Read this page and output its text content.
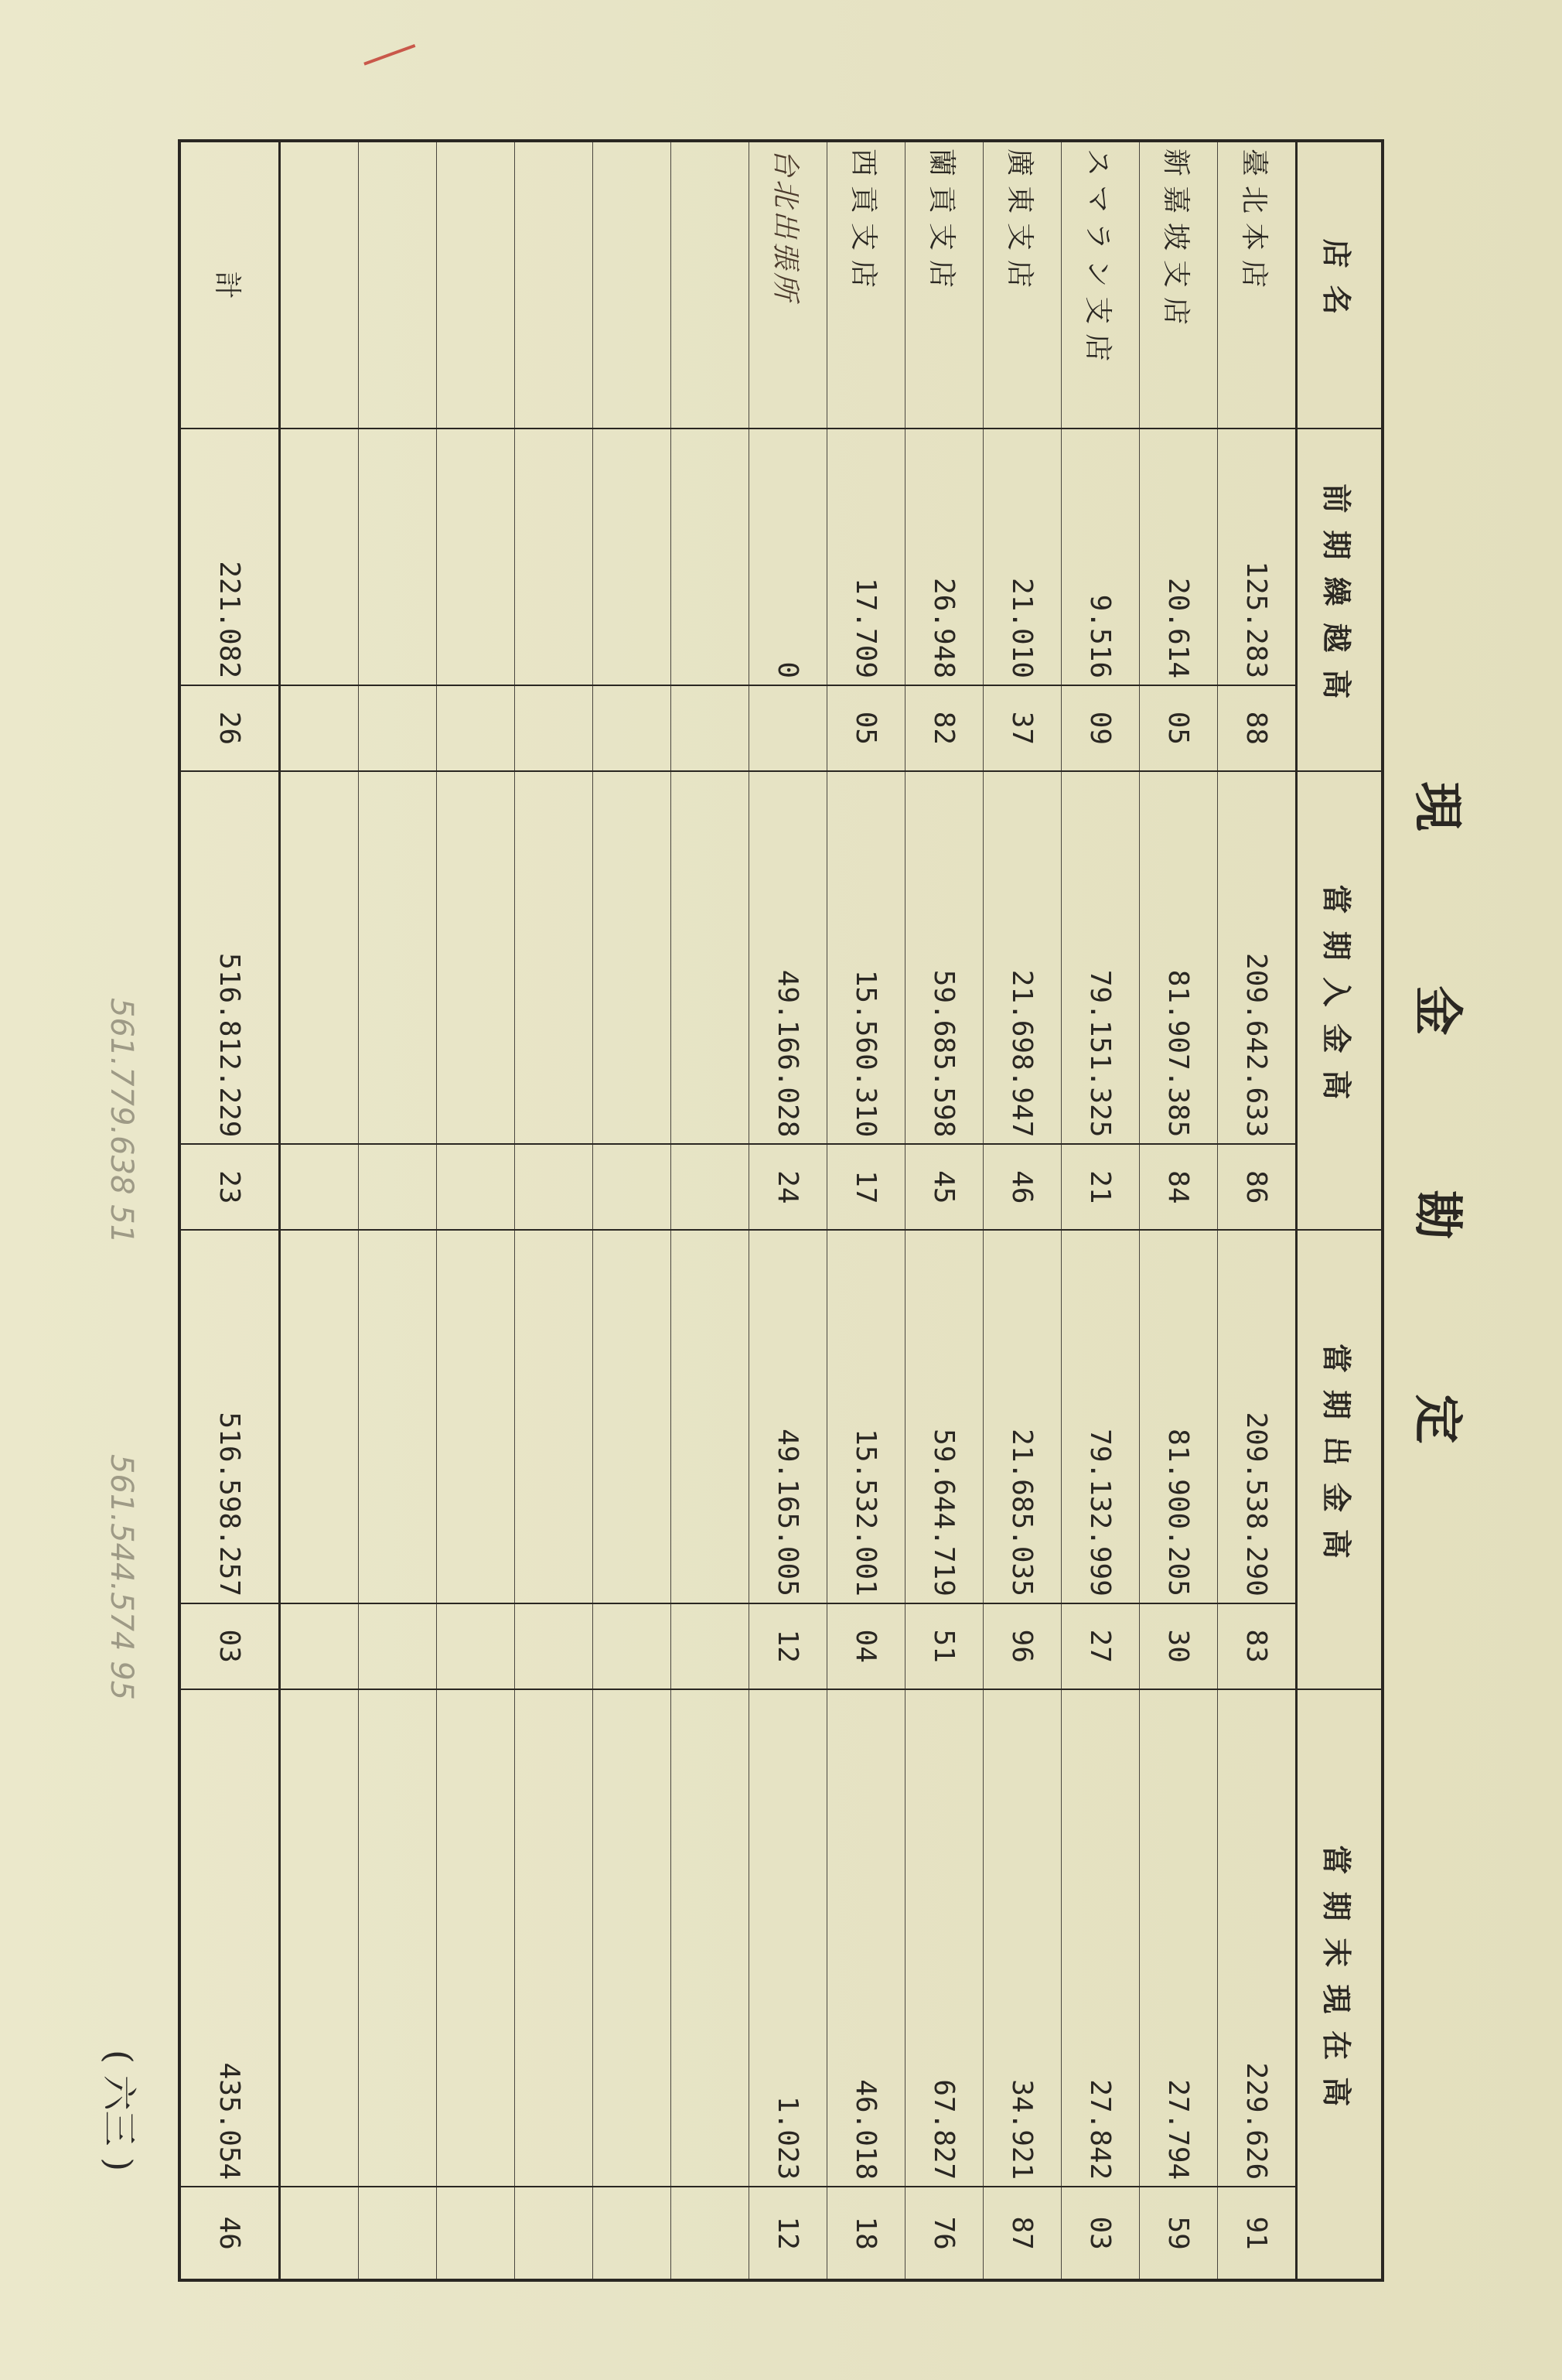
現金勘定
店名	前期繰越高		當期入金高		當期出金高		當期末現在高	
臺北本店	125.283	88	209.642.633	86	209.538.290	83	229.626	91
新嘉坡支店	20.614	05	81.907.385	84	81.900.205	30	27.794	59
スマラン支店	9.516	09	79.151.325	21	79.132.999	27	27.842	03
廣東支店	21.010	37	21.698.947	46	21.685.035	96	34.921	87
蘭貢支店	26.948	82	59.685.598	45	59.644.719	51	67.827	76
西貢支店	17.709	05	15.560.310	17	15.532.001	04	46.018	18
台北出張所	0		49.166.028	24	49.165.005	12	1.023	12

計	221.082	26	516.812.229	23	516.598.257	03	435.054	46
561.779.638 51
561.544.574 95
( 六三 )
